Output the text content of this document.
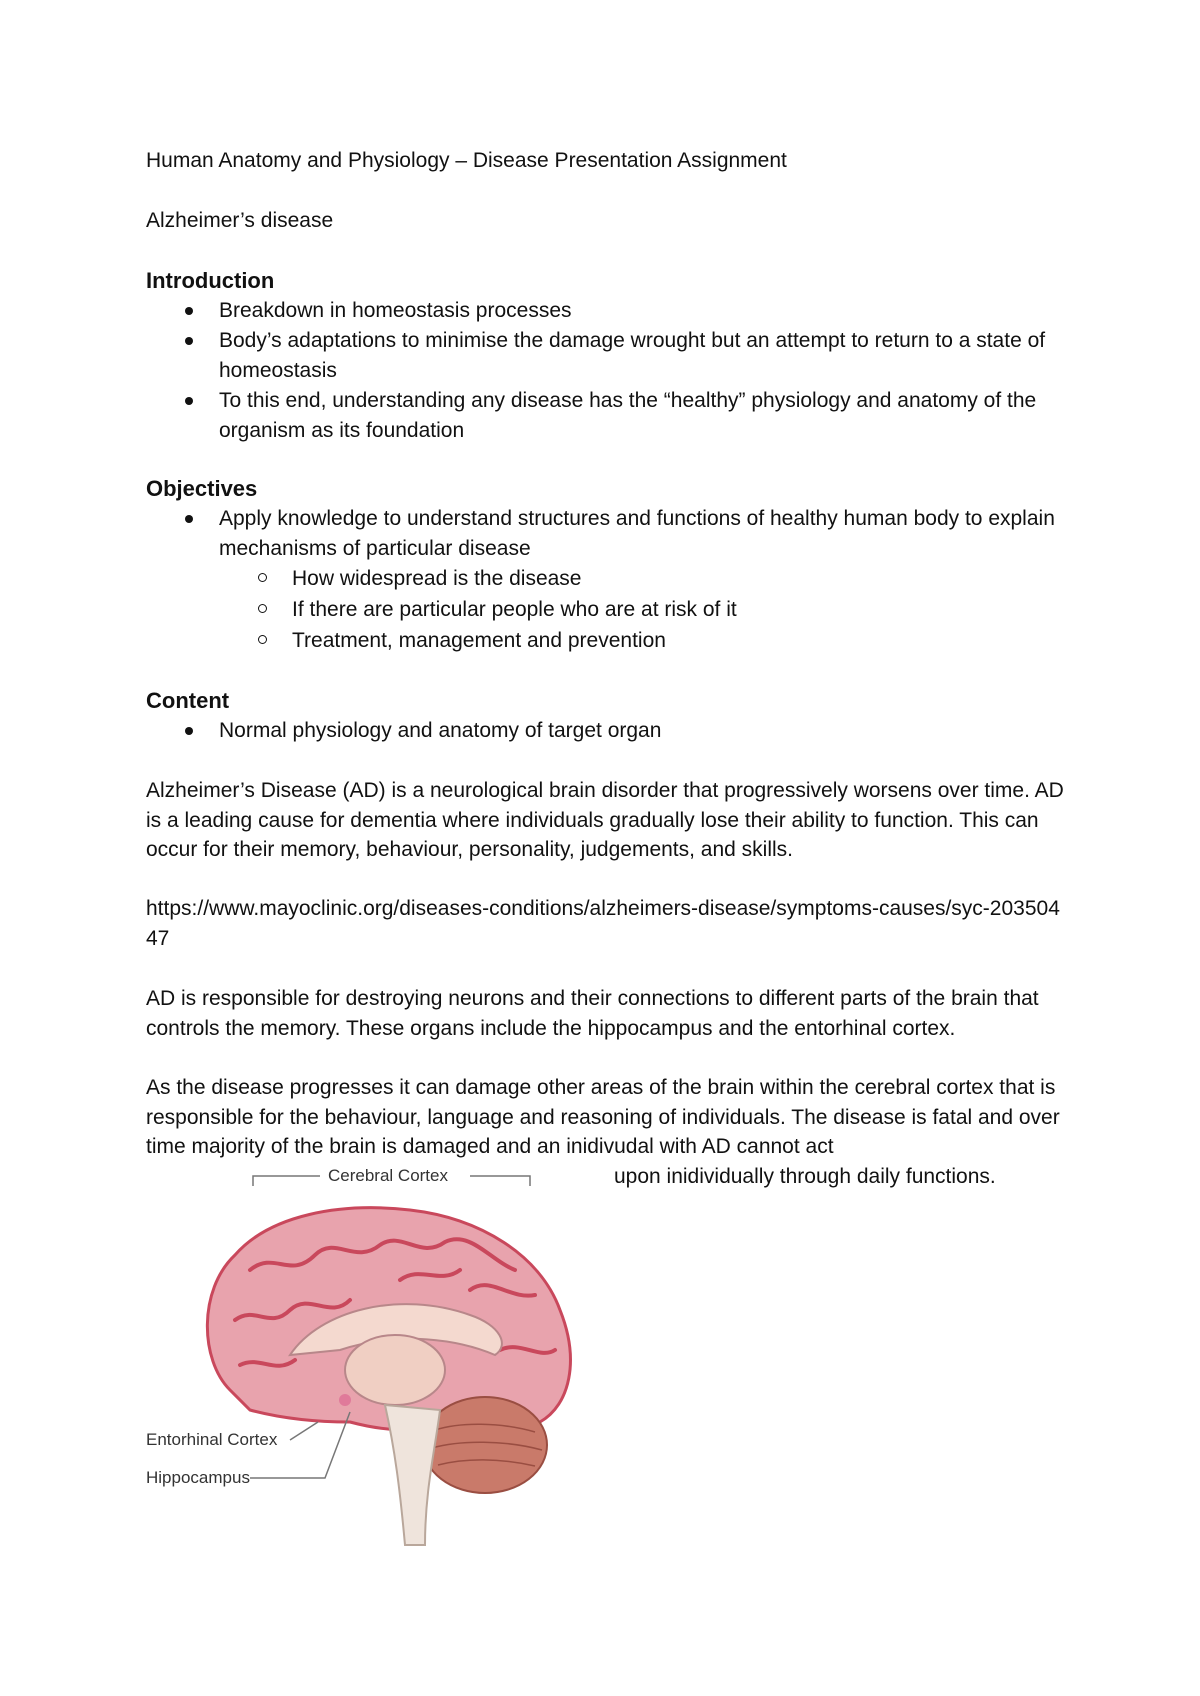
Human Anatomy and Physiology – Disease Presentation Assignment
Alzheimer’s disease
Introduction
Breakdown in homeostasis processes
Body’s adaptations to minimise the damage wrought but an attempt to return to a state of homeostasis
To this end, understanding any disease has the “healthy” physiology and anatomy of the organism as its foundation
Objectives
Apply knowledge to understand structures and functions of healthy human body to explain mechanisms of particular disease
How widespread is the disease
If there are particular people who are at risk of it
Treatment, management and prevention
Content
Normal physiology and anatomy of target organ
Alzheimer’s Disease (AD) is a neurological brain disorder that progressively worsens over time. AD is a leading cause for dementia where individuals gradually lose their ability to function. This can occur for their memory, behaviour, personality, judgements, and skills.
https://www.mayoclinic.org/diseases-conditions/alzheimers-disease/symptoms-causes/syc-20350447
AD is responsible for destroying neurons and their connections to different parts of the brain that controls the memory. These organs include the hippocampus and the entorhinal cortex.
As the disease progresses it can damage other areas of the brain within the cerebral cortex that is responsible for the behaviour, language and reasoning of individuals. The disease is fatal and over time majority of the brain is damaged and an inidivudal with AD cannot act
upon inidividually through daily functions.
Cerebral Cortex
Entorhinal Cortex
Hippocampus
